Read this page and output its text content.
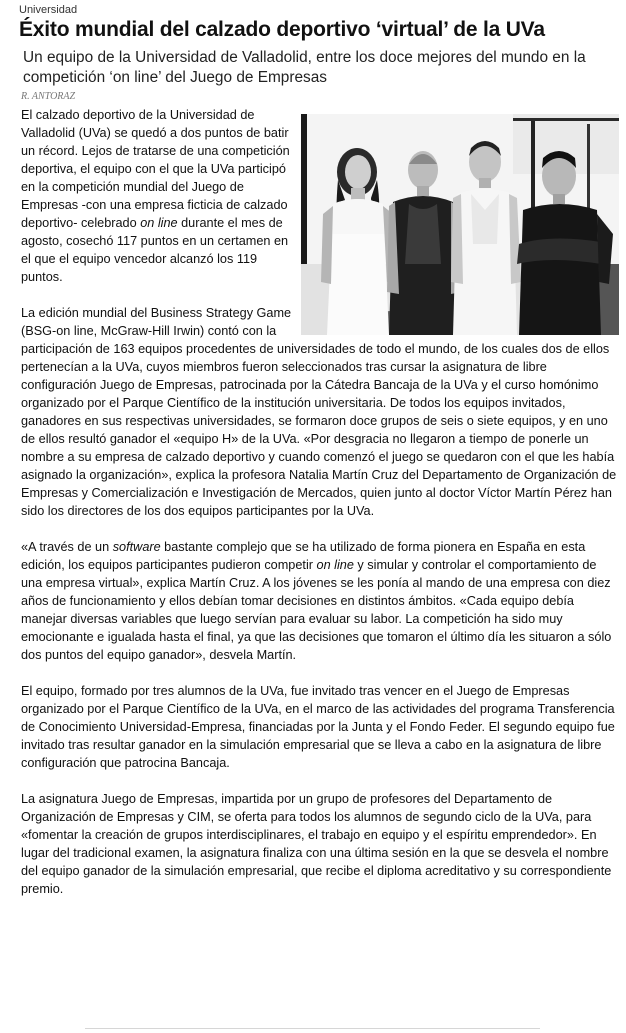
Universidad
Éxito mundial del calzado deportivo ‘virtual’ de la UVa
Un equipo de la Universidad de Valladolid, entre los doce mejores del mundo en la competición ‘on line’ del Juego de Empresas
R. ANTORAZ

El calzado deportivo de la Universidad de Valladolid (UVa) se quedó a dos puntos de batir un récord. Lejos de tratarse de una competición deportiva, el equipo con el que la UVa participó en la competición mundial del Juego de Empresas -con una empresa ficticia de calzado deportivo- celebrado on line durante el mes de agosto, cosechó 117 puntos en un certamen en el que el equipo vencedor alcanzó los 119 puntos.

La edición mundial del Business Strategy Game (BSG-on line, McGraw-Hill Irwin) contó con la participación de 163 equipos procedentes de universidades de todo el mundo, de los cuales dos de ellos pertenecían a la UVa, cuyos miembros fueron seleccionados tras cursar la asignatura de libre configuración Juego de Empresas, patrocinada por la Cátedra Bancaja de la UVa y el curso homónimo organizado por el Parque Científico de la institución universitaria. De todos los equipos invitados, ganadores en sus respectivas universidades, se formaron doce grupos de seis o siete equipos, y en uno de ellos resultó ganador el «equipo H» de la UVa. «Por desgracia no llegaron a tiempo de ponerle un nombre a su empresa de calzado deportivo y cuando comenzó el juego se quedaron con el que les había asignado la organización», explica la profesora Natalia Martín Cruz del Departamento de Organización de Empresas y Comercialización e Investigación de Mercados, quien junto al doctor Víctor Martín Pérez han sido los directores de los dos equipos participantes por la UVa.

«A través de un software bastante complejo que se ha utilizado de forma pionera en España en esta edición, los equipos participantes pudieron competir on line y simular y controlar el comportamiento de una empresa virtual», explica Martín Cruz. A los jóvenes se les ponía al mando de una empresa con diez años de funcionamiento y ellos debían tomar decisiones en distintos ámbitos. «Cada equipo debía manejar diversas variables que luego servían para evaluar su labor. La competición ha sido muy emocionante e igualada hasta el final, ya que las decisiones que tomaron el último día les situaron a sólo dos puntos del equipo ganador», desvela Martín.

El equipo, formado por tres alumnos de la UVa, fue invitado tras vencer en el Juego de Empresas organizado por el Parque Científico de la UVa, en el marco de las actividades del programa Transferencia de Conocimiento Universidad-Empresa, financiadas por la Junta y el Fondo Feder. El segundo equipo fue invitado tras resultar ganador en la simulación empresarial que se lleva a cabo en la asignatura de libre configuración que patrocina Bancaja.

La asignatura Juego de Empresas, impartida por un grupo de profesores del Departamento de Organización de Empresas y CIM, se oferta para todos los alumnos de segundo ciclo de la UVa, para «fomentar la creación de grupos interdisciplinares, el trabajo en equipo y el espíritu emprendedor». En lugar del tradicional examen, la asignatura finaliza con una última sesión en la que se desvela el nombre del equipo ganador de la simulación empresarial, que recibe el diploma acreditativo y su correspondiente premio.
